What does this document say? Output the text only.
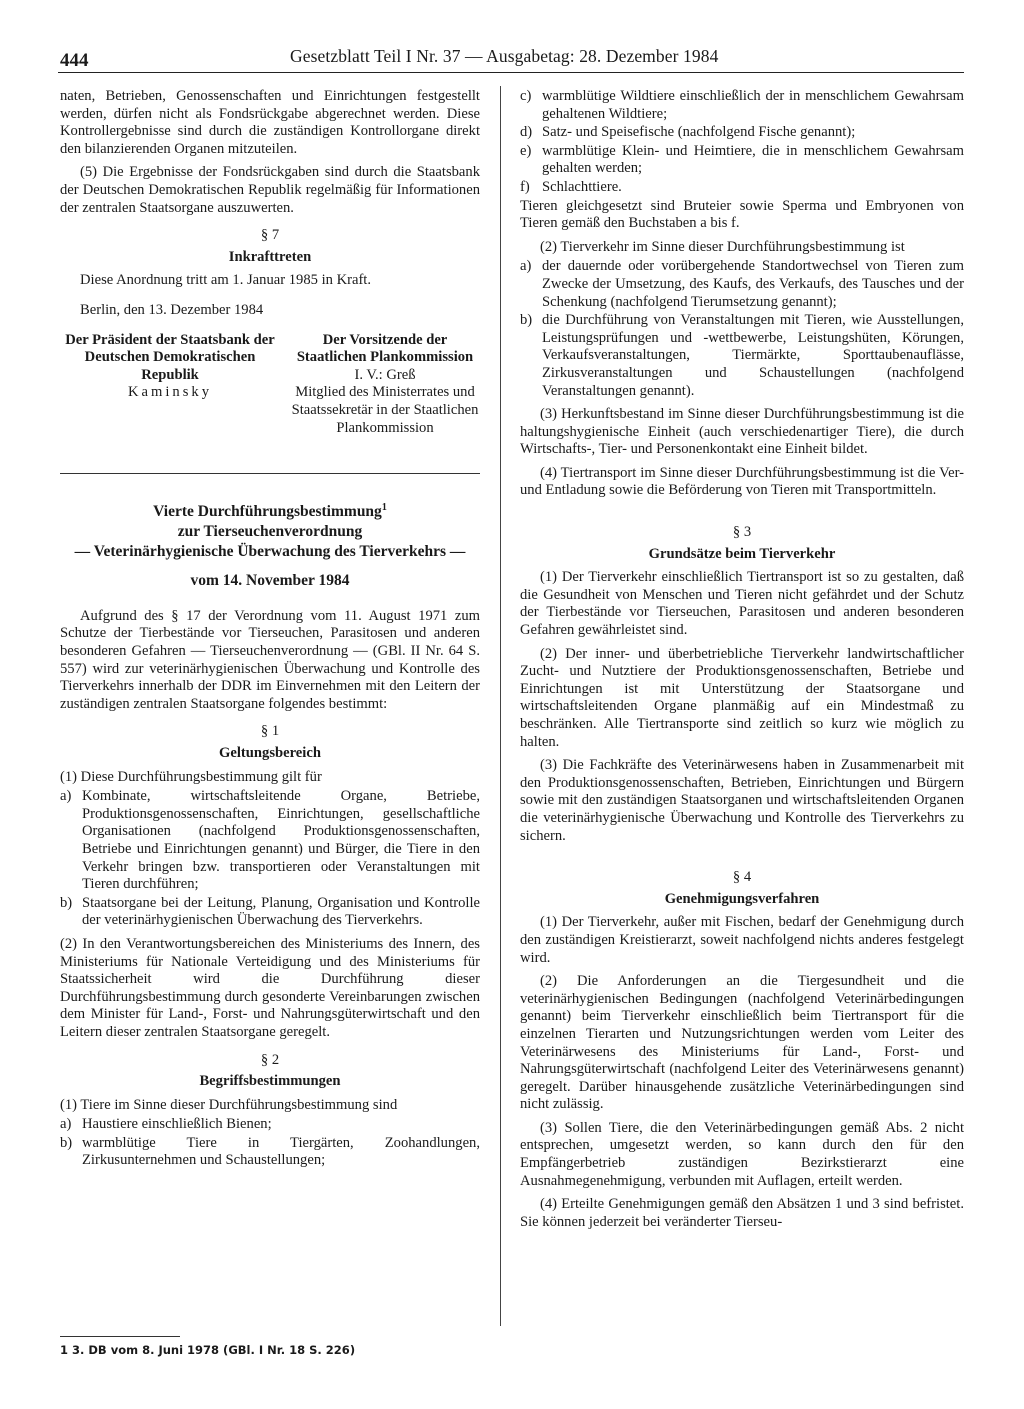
444	Gesetzblatt Teil I Nr. 37 — Ausgabetag: 28. Dezember 1984

naten, Betrieben, Genossenschaften und Einrichtungen festgestellt werden, dürfen nicht als Fondsrückgabe abgerechnet werden. Diese Kontrollergebnisse sind durch die zuständigen Kontrollorgane direkt den bilanzierenden Organen mitzuteilen.

(5) Die Ergebnisse der Fondsrückgaben sind durch die Staatsbank der Deutschen Demokratischen Republik regelmäßig für Informationen der zentralen Staatsorgane auszuwerten.

§ 7
Inkrafttreten

Diese Anordnung tritt am 1. Januar 1985 in Kraft.

Berlin, den 13. Dezember 1984

Der Präsident der Staatsbank der Deutschen Demokratischen Republik
Kaminsky
Der Vorsitzende der Staatlichen Plankommission
I. V.: Greß
Mitglied des Ministerrates und Staatssekretär in der Staatlichen Plankommission
Vierte Durchführungsbestimmung$^1$
zur Tierseuchenverordnung
— Veterinärhygienische Überwachung des Tierverkehrs —
vom 14. November 1984

Aufgrund des § 17 der Verordnung vom 11. August 1971 zum Schutze der Tierbestände vor Tierseuchen, Parasitosen und anderen besonderen Gefahren — Tierseuchenverordnung — (GBl. II Nr. 64 S. 557) wird zur veterinärhygienischen Überwachung und Kontrolle des Tierverkehrs innerhalb der DDR im Einvernehmen mit den Leitern der zuständigen zentralen Staatsorgane folgendes bestimmt:

§ 1
Geltungsbereich

(1) Diese Durchführungsbestimmung gilt für

a) Kombinate, wirtschaftsleitende Organe, Betriebe, Produktionsgenossenschaften, Einrichtungen, gesellschaftliche Organisationen (nachfolgend Produktionsgenossenschaften, Betriebe und Einrichtungen genannt) und Bürger, die Tiere in den Verkehr bringen bzw. transportieren oder Veranstaltungen mit Tieren durchführen;
b) Staatsorgane bei der Leitung, Planung, Organisation und Kontrolle der veterinärhygienischen Überwachung des Tierverkehrs.

(2) In den Verantwortungsbereichen des Ministeriums des Innern, des Ministeriums für Nationale Verteidigung und des Ministeriums für Staatssicherheit wird die Durchführung dieser Durchführungsbestimmung durch gesonderte Vereinbarungen zwischen dem Minister für Land-, Forst- und Nahrungsgüterwirtschaft und den Leitern dieser zentralen Staatsorgane geregelt.

§ 2
Begriffsbestimmungen

(1) Tiere im Sinne dieser Durchführungsbestimmung sind

a) Haustiere einschließlich Bienen;
b) warmblütige Tiere in Tiergärten, Zoohandlungen, Zirkusunternehmen und Schaustellungen;
1 3. DB vom 8. Juni 1978 (GBl. I Nr. 18 S. 226)
c) warmblütige Wildtiere einschließlich der in menschlichem Gewahrsam gehaltenen Wildtiere;
d) Satz- und Speisefische (nachfolgend Fische genannt);
e) warmblütige Klein- und Heimtiere, die in menschlichem Gewahrsam gehalten werden;
f) Schlachttiere.

Tieren gleichgesetzt sind Bruteier sowie Sperma und Embryonen von Tieren gemäß den Buchstaben a bis f.

(2) Tierverkehr im Sinne dieser Durchführungsbestimmung ist

a) der dauernde oder vorübergehende Standortwechsel von Tieren zum Zwecke der Umsetzung, des Kaufs, des Verkaufs, des Tausches und der Schenkung (nachfolgend Tierumsetzung genannt);
b) die Durchführung von Veranstaltungen mit Tieren, wie Ausstellungen, Leistungsprüfungen und -wettbewerbe, Leistungshüten, Körungen, Verkaufsveranstaltungen, Tiermärkte, Sporttaubenauflässe, Zirkusveranstaltungen und Schaustellungen (nachfolgend Veranstaltungen genannt).

(3) Herkunftsbestand im Sinne dieser Durchführungsbestimmung ist die haltungshygienische Einheit (auch verschiedenartiger Tiere), die durch Wirtschafts-, Tier- und Personenkontakt eine Einheit bildet.

(4) Tiertransport im Sinne dieser Durchführungsbestimmung ist die Ver- und Entladung sowie die Beförderung von Tieren mit Transportmitteln.

§ 3
Grundsätze beim Tierverkehr

(1) Der Tierverkehr einschließlich Tiertransport ist so zu gestalten, daß die Gesundheit von Menschen und Tieren nicht gefährdet und der Schutz der Tierbestände vor Tierseuchen, Parasitosen und anderen besonderen Gefahren gewährleistet sind.

(2) Der inner- und überbetriebliche Tierverkehr landwirtschaftlicher Zucht- und Nutztiere der Produktionsgenossenschaften, Betriebe und Einrichtungen ist mit Unterstützung der Staatsorgane und wirtschaftsleitenden Organe planmäßig auf ein Mindestmaß zu beschränken. Alle Tiertransporte sind zeitlich so kurz wie möglich zu halten.

(3) Die Fachkräfte des Veterinärwesens haben in Zusammenarbeit mit den Produktionsgenossenschaften, Betrieben, Einrichtungen und Bürgern sowie mit den zuständigen Staatsorganen und wirtschaftsleitenden Organen die veterinärhygienische Überwachung und Kontrolle des Tierverkehrs zu sichern.

§ 4
Genehmigungsverfahren

(1) Der Tierverkehr, außer mit Fischen, bedarf der Genehmigung durch den zuständigen Kreistierarzt, soweit nachfolgend nichts anderes festgelegt wird.

(2) Die Anforderungen an die Tiergesundheit und die veterinärhygienischen Bedingungen (nachfolgend Veterinärbedingungen genannt) beim Tierverkehr einschließlich beim Tiertransport für die einzelnen Tierarten und Nutzungsrichtungen werden vom Leiter des Veterinärwesens des Ministeriums für Land-, Forst- und Nahrungsgüterwirtschaft (nachfolgend Leiter des Veterinärwesens genannt) geregelt. Darüber hinausgehende zusätzliche Veterinärbedingungen sind nicht zulässig.

(3) Sollen Tiere, die den Veterinärbedingungen gemäß Abs. 2 nicht entsprechen, umgesetzt werden, so kann durch den für den Empfängerbetrieb zuständigen Bezirkstierarzt eine Ausnahmegenehmigung, verbunden mit Auflagen, erteilt werden.

(4) Erteilte Genehmigungen gemäß den Absätzen 1 und 3 sind befristet. Sie können jederzeit bei veränderter Tierseu-
